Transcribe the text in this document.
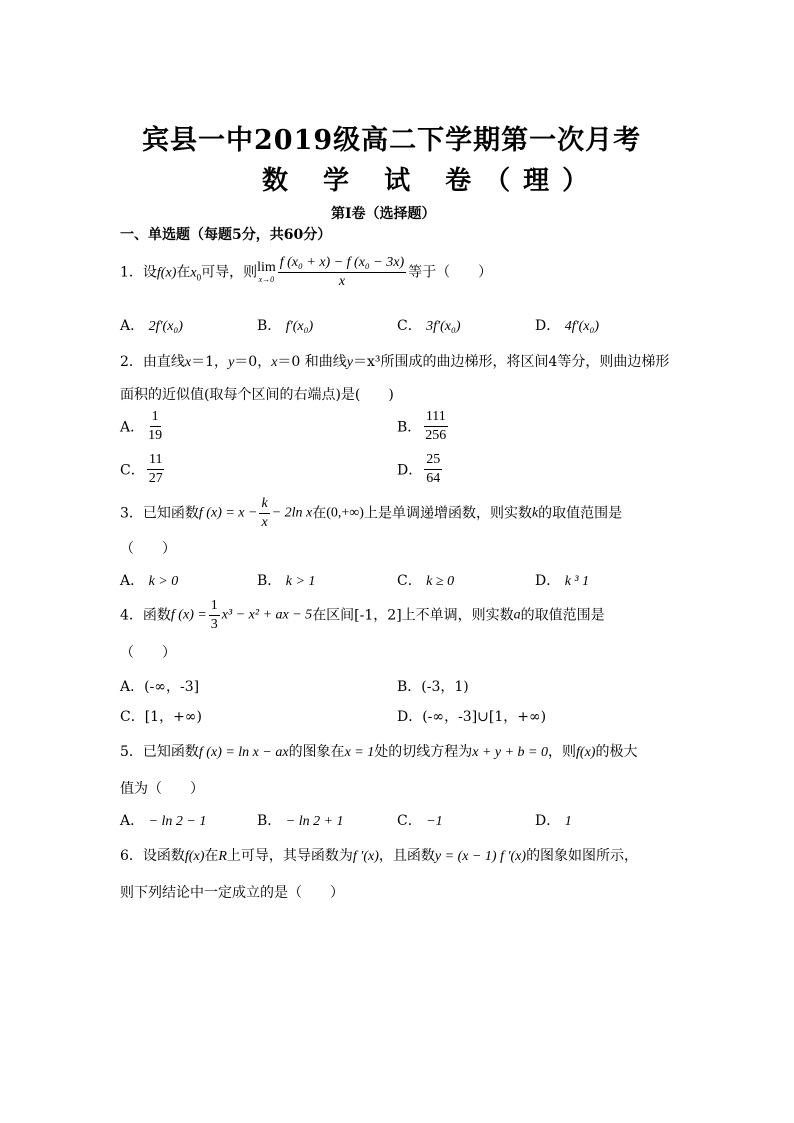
宾县一中2019级高二下学期第一次月考
数 学 试 卷（理）
第I卷（选择题）
一、单选题（每题5分，共60分）
1．设f(x)在$x_0$可导，则 lim
$x\to 0 \frac{\text{f (x₀ + x) − f (x₀ − 3x)}}{x}$ 等于（　　）
A． 2f′(x₀)	B． f′(x₀)	C． 3f′(x₀)	D． 4f′(x₀)
2．由直线x＝1，y＝0，x＝0 和曲线y＝x³所围成的曲边梯形，将区间4等分，则曲边梯形
面积的近似值(取每个区间的右端点)是(　　)
A． $\frac{1}{19}$	B． $\frac{111}{256}$
C． $\frac{11}{27}$	D． $\frac{25}{64}$
3．已知函数f $(x) = x - \frac{k}{x} - 2\ln$ x在(0,+∞)上是单调递增函数，则实数k的取值范围是
（　　）
A． k > 0	B． k > 1	C． k ≥ 0	D． k ³ 1
4．函数f $(x) = \frac{1}{3} x^3 - x^2$ + ax − 5在区间[-1，2]上不单调，则实数a的取值范围是
（　　）
A．(-∞，-3]	B．(-3，1)
C．[1，+∞)	D．(-∞，-3]∪[1，+∞)
5．已知函数f (x) = ln x − ax的图象在x = 1处的切线方程为x + y + b = 0，则f(x)的极大
值为（　　）
A． − ln 2 − 1	B． − ln 2 + 1	C． −1	D． 1
6．设函数f(x)在R上可导，其导函数为f ′(x)，且函数y = (x − 1) f ′(x)的图象如图所示，
则下列结论中一定成立的是（　　）
